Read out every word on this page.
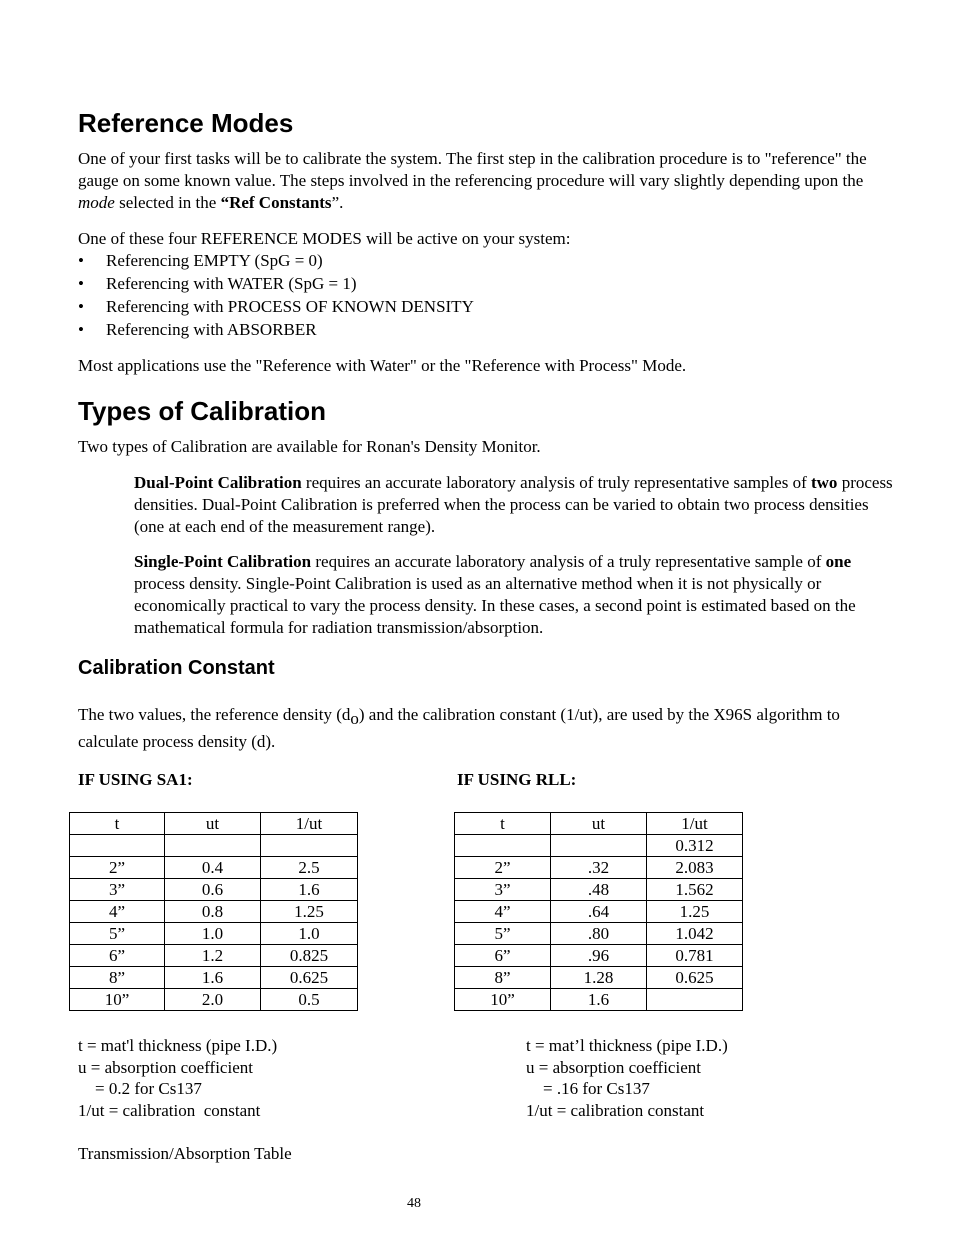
Reference Modes

One of your first tasks will be to calibrate the system. The first step in the calibration procedure is to "reference" the gauge on some known value. The steps involved in the referencing procedure will vary slightly depending upon the mode selected in the “Ref Constants”.

One of these four REFERENCE MODES will be active on your system:

• Referencing EMPTY (SpG = 0)
• Referencing with WATER (SpG = 1)
• Referencing with PROCESS OF KNOWN DENSITY
• Referencing with ABSORBER

Most applications use the "Reference with Water" or the "Reference with Process" Mode.

Types of Calibration

Two types of Calibration are available for Ronan's Density Monitor.

Dual-Point Calibration requires an accurate laboratory analysis of truly representative samples of two process densities. Dual-Point Calibration is preferred when the process can be varied to obtain two process densities (one at each end of the measurement range).

Single-Point Calibration requires an accurate laboratory analysis of a truly representative sample of one process density. Single-Point Calibration is used as an alternative method when it is not physically or economically practical to vary the process density. In these cases, a second point is estimated based on the mathematical formula for radiation transmission/absorption.

Calibration Constant

The two values, the reference density $(d_o)$ and the calibration constant (1/ut), are used by the X96S algorithm to calculate process density (d).

IF USING SA1:	IF USING RLL:

t	ut	1/ut

2”	0.4	2.5
3”	0.6	1.6
4”	0.8	1.25
5”	1.0	1.0
6”	1.2	0.825
8”	1.6	0.625
10”	2.0	0.5
t	ut	1/ut
		0.312
2”	.32	2.083
3”	.48	1.562
4”	.64	1.25
5”	.80	1.042
6”	.96	0.781
8”	1.28	0.625
10”	1.6	
t = mat'l thickness (pipe I.D.)
u = absorption coefficient
= 0.2 for Cs137
1/ut = calibration  constant
t = mat’l thickness (pipe I.D.)
u = absorption coefficient
= .16 for Cs137
1/ut = calibration constant

Transmission/Absorption Table

48
